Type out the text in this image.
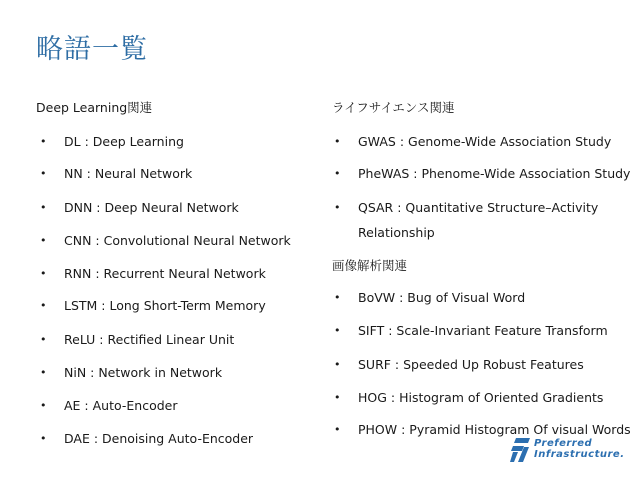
略語一覧
Deep Learning関連
• DL : Deep Learning
• NN : Neural Network
• DNN : Deep Neural Network
• CNN : Convolutional Neural Network
• RNN : Recurrent Neural Network
• LSTM : Long Short-Term Memory
• ReLU : Rectified Linear Unit
• NiN : Network in Network
• AE : Auto-Encoder
• DAE : Denoising Auto-Encoder
ライフサイエンス関連
• GWAS : Genome-Wide Association Study
• PheWAS : Phenome-Wide Association Study
• QSAR : Quantitative Structure–Activity
Relationship
画像解析関連
• BoVW : Bug of Visual Word
• SIFT : Scale-Invariant Feature Transform
• SURF : Speeded Up Robust Features
• HOG : Histogram of Oriented Gradients
• PHOW : Pyramid Histogram Of visual Words
Preferred
Infrastructure.
